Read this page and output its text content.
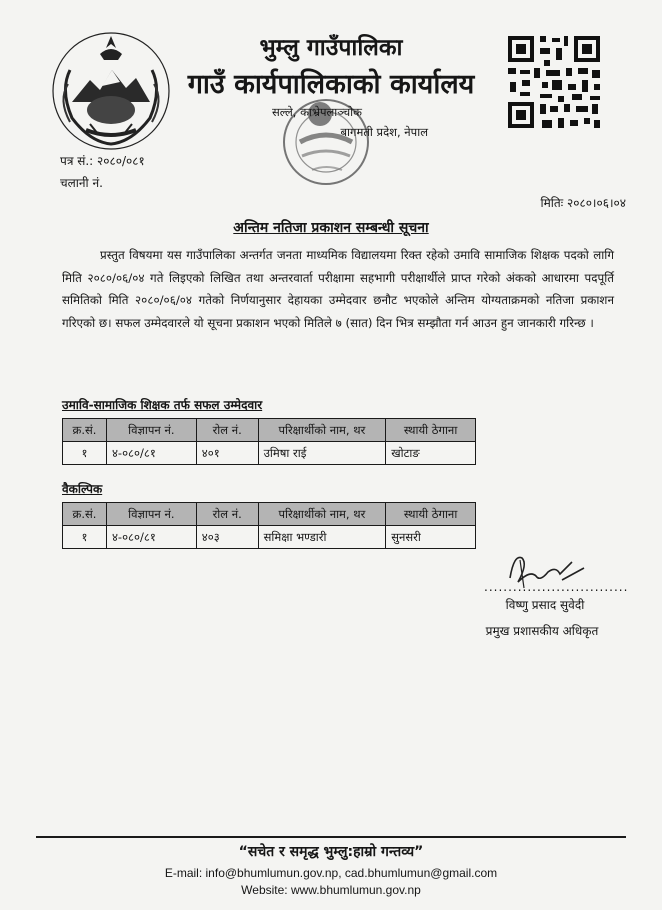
भुम्लु गाउँपालिका
गाउँ कार्यपालिकाको कार्यालय
सल्ले, काभ्रेपलाञ्चोक
बागमती प्रदेश, नेपाल
पत्र सं.: २०८०/०८१
चलानी नं.
मितिः २०८०।०६।०४
अन्तिम नतिजा प्रकाशन सम्बन्धी सूचना
प्रस्तुत विषयमा यस गाउँपालिका अन्तर्गत जनता माध्यमिक विद्यालयमा रिक्त रहेको उमावि सामाजिक शिक्षक पदको लागि मिति २०८०/०६/०४ गते लिइएको लिखित तथा अन्तरवार्ता परीक्षामा सहभागी परीक्षार्थीले प्राप्त गरेको अंकको आधारमा पदपूर्ति समितिको मिति २०८०/०६/०४ गतेको निर्णयानुसार देहायका उम्मेदवार छनौट भएकोले अन्तिम योग्यताक्रमको नतिजा प्रकाशन गरिएको छ। सफल उम्मेदवारले यो सूचना प्रकाशन भएको मितिले ७ (सात) दिन भित्र सम्झौता गर्न आउन हुन जानकारी गरिन्छ ।
उमावि-सामाजिक शिक्षक तर्फ सफल उम्मेदवार
क्र.सं.	विज्ञापन नं.	रोल नं.	परिक्षार्थीको नाम, थर	स्थायी ठेगाना
१	४-०८०/८१	४०१	उमिषा राई	खोटाङ
वैकल्पिक
क्र.सं.	विज्ञापन नं.	रोल नं.	परिक्षार्थीको नाम, थर	स्थायी ठेगाना
१	४-०८०/८१	४०३	समिक्षा भण्डारी	सुनसरी
..............................
विष्णु प्रसाद सुवेदी
प्रमुख प्रशासकीय अधिकृत
“सचेत र समृद्ध भुम्लु:हाम्रो गन्तव्य”
E-mail: info@bhumlumun.gov.np, cad.bhumlumun@gmail.com
Website: www.bhumlumun.gov.np
